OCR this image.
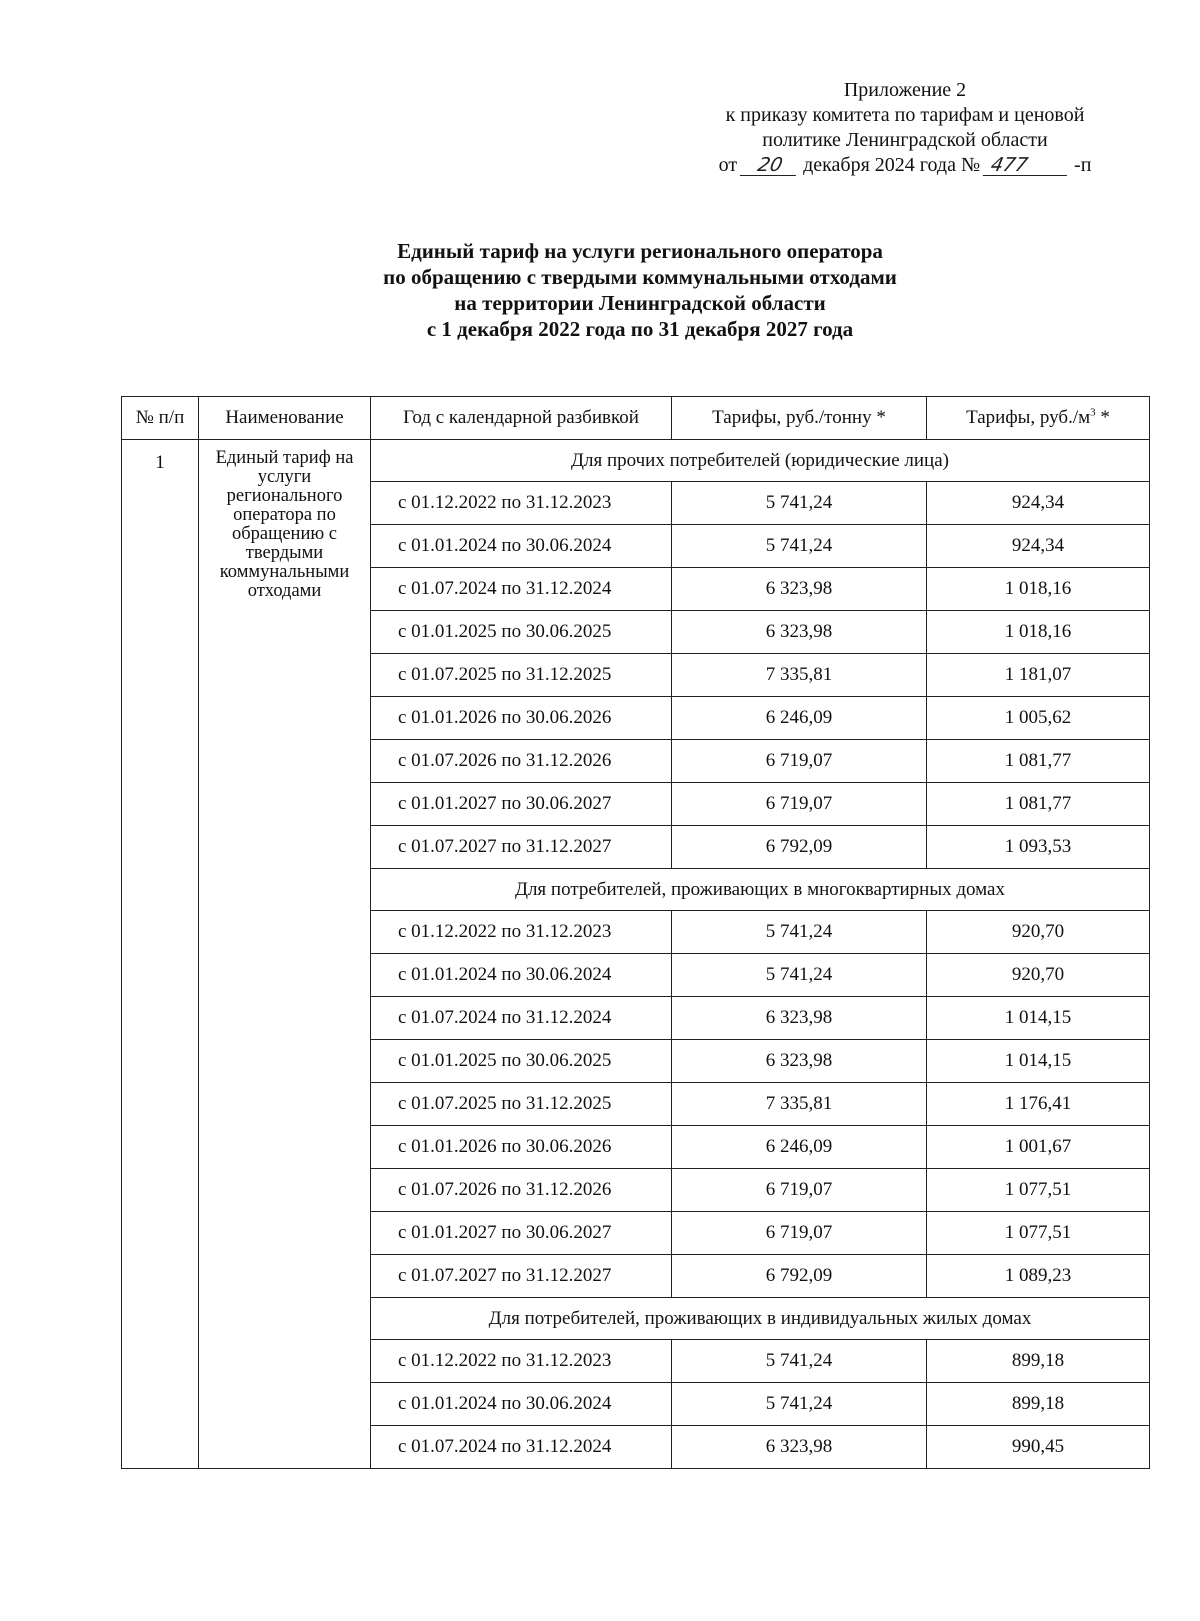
Приложение 2
к приказу комитета по тарифам и ценовой
политике Ленинградской области
от 20 декабря 2024 года № 477 -п
Единый тариф на услуги регионального оператора
по обращению с твердыми коммунальными отходами
на территории Ленинградской области
с 1 декабря 2022 года по 31 декабря 2027 года
№ п/п	Наименование	Год с календарной разбивкой	Тарифы, руб./тонну *	Тарифы, $руб./м^3$ *
1	Единый тариф на услуги регионального оператора по обращению с твердыми коммунальными отходами	Для прочих потребителей (юридические лица)		
		с 01.12.2022 по 31.12.2023	5 741,24	924,34
		с 01.01.2024 по 30.06.2024	5 741,24	924,34
		с 01.07.2024 по 31.12.2024	6 323,98	1 018,16
		с 01.01.2025 по 30.06.2025	6 323,98	1 018,16
		с 01.07.2025 по 31.12.2025	7 335,81	1 181,07
		с 01.01.2026 по 30.06.2026	6 246,09	1 005,62
		с 01.07.2026 по 31.12.2026	6 719,07	1 081,77
		с 01.01.2027 по 30.06.2027	6 719,07	1 081,77
		с 01.07.2027 по 31.12.2027	6 792,09	1 093,53
		Для потребителей, проживающих в многоквартирных домах		
		с 01.12.2022 по 31.12.2023	5 741,24	920,70
		с 01.01.2024 по 30.06.2024	5 741,24	920,70
		с 01.07.2024 по 31.12.2024	6 323,98	1 014,15
		с 01.01.2025 по 30.06.2025	6 323,98	1 014,15
		с 01.07.2025 по 31.12.2025	7 335,81	1 176,41
		с 01.01.2026 по 30.06.2026	6 246,09	1 001,67
		с 01.07.2026 по 31.12.2026	6 719,07	1 077,51
		с 01.01.2027 по 30.06.2027	6 719,07	1 077,51
		с 01.07.2027 по 31.12.2027	6 792,09	1 089,23
		Для потребителей, проживающих в индивидуальных жилых домах		
		с 01.12.2022 по 31.12.2023	5 741,24	899,18
		с 01.01.2024 по 30.06.2024	5 741,24	899,18
		с 01.07.2024 по 31.12.2024	6 323,98	990,45
